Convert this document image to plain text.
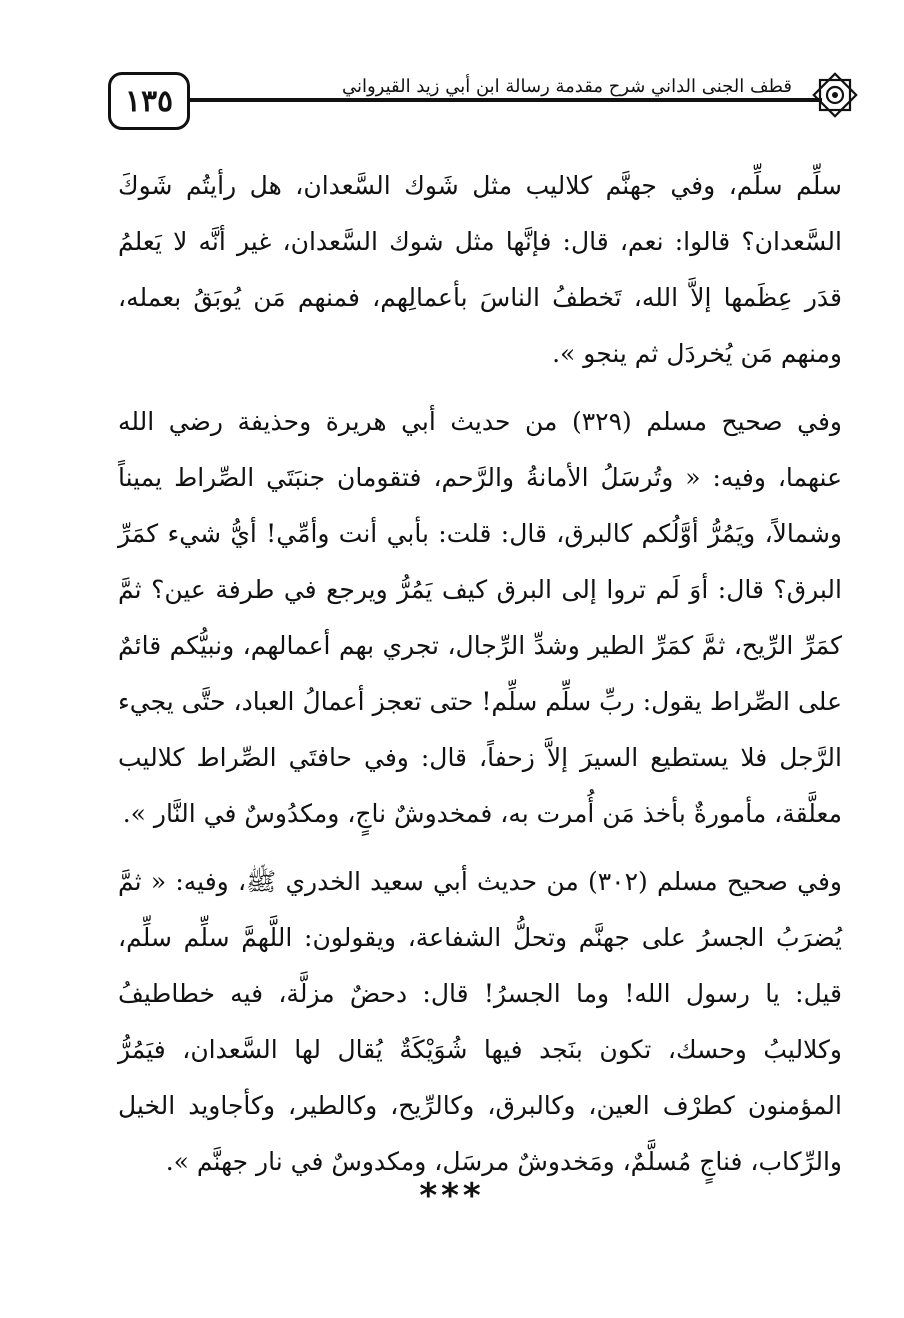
١٣٥	قطف الجنى الداني شرح مقدمة رسالة ابن أبي زيد القيرواني

سلِّم سلِّم، وفي جهنَّم كلاليب مثل شَوك السَّعدان، هل رأيتُم شَوكَ السَّعدان؟ قالوا: نعم، قال: فإنَّها مثل شوك السَّعدان، غير أنَّه لا يَعلمُ قدَر عِظَمها إلاَّ الله، تَخطفُ الناسَ بأعمالِهم، فمنهم مَن يُوبَقُ بعمله، ومنهم مَن يُخردَل ثم ينجو ».

وفي صحيح مسلم (٣٢٩) من حديث أبي هريرة وحذيفة رضي الله عنهما، وفيه: « وتُرسَلُ الأمانةُ والرَّحم، فتقومان جنبَتَي الصِّراط يميناً وشمالاً، ويَمُرُّ أوَّلُكم كالبرق، قال: قلت: بأبي أنت وأمِّي! أيُّ شيء كمَرِّ البرق؟ قال: أوَ لَم تروا إلى البرق كيف يَمُرُّ ويرجع في طرفة عين؟ ثمَّ كمَرِّ الرِّيح، ثمَّ كمَرِّ الطير وشدِّ الرِّجال، تجري بهم أعمالهم، ونبيُّكم قائمٌ على الصِّراط يقول: ربِّ سلِّم سلِّم! حتى تعجز أعمالُ العباد، حتَّى يجيء الرَّجل فلا يستطيع السيرَ إلاَّ زحفاً، قال: وفي حافتَي الصِّراط كلاليب معلَّقة، مأمورةٌ بأخذ مَن أُمرت به، فمخدوشٌ ناجٍ، ومكدُوسٌ في النَّار ».

وفي صحيح مسلم (٣٠٢) من حديث أبي سعيد الخدري ﷺ، وفيه: « ثمَّ يُضرَبُ الجسرُ على جهنَّم وتحلُّ الشفاعة، ويقولون: اللَّهمَّ سلِّم سلِّم، قيل: يا رسول الله! وما الجسرُ! قال: دحضٌ مزلَّة، فيه خطاطيفُ وكلاليبُ وحسك، تكون بنَجد فيها شُوَيْكَةٌ يُقال لها السَّعدان، فيَمُرُّ المؤمنون كطرْف العين، وكالبرق، وكالرِّيح، وكالطير، وكأجاويد الخيل والرِّكاب، فناجٍ مُسلَّمٌ، ومَخدوشٌ مرسَل، ومكدوسٌ في نار جهنَّم ».

***
